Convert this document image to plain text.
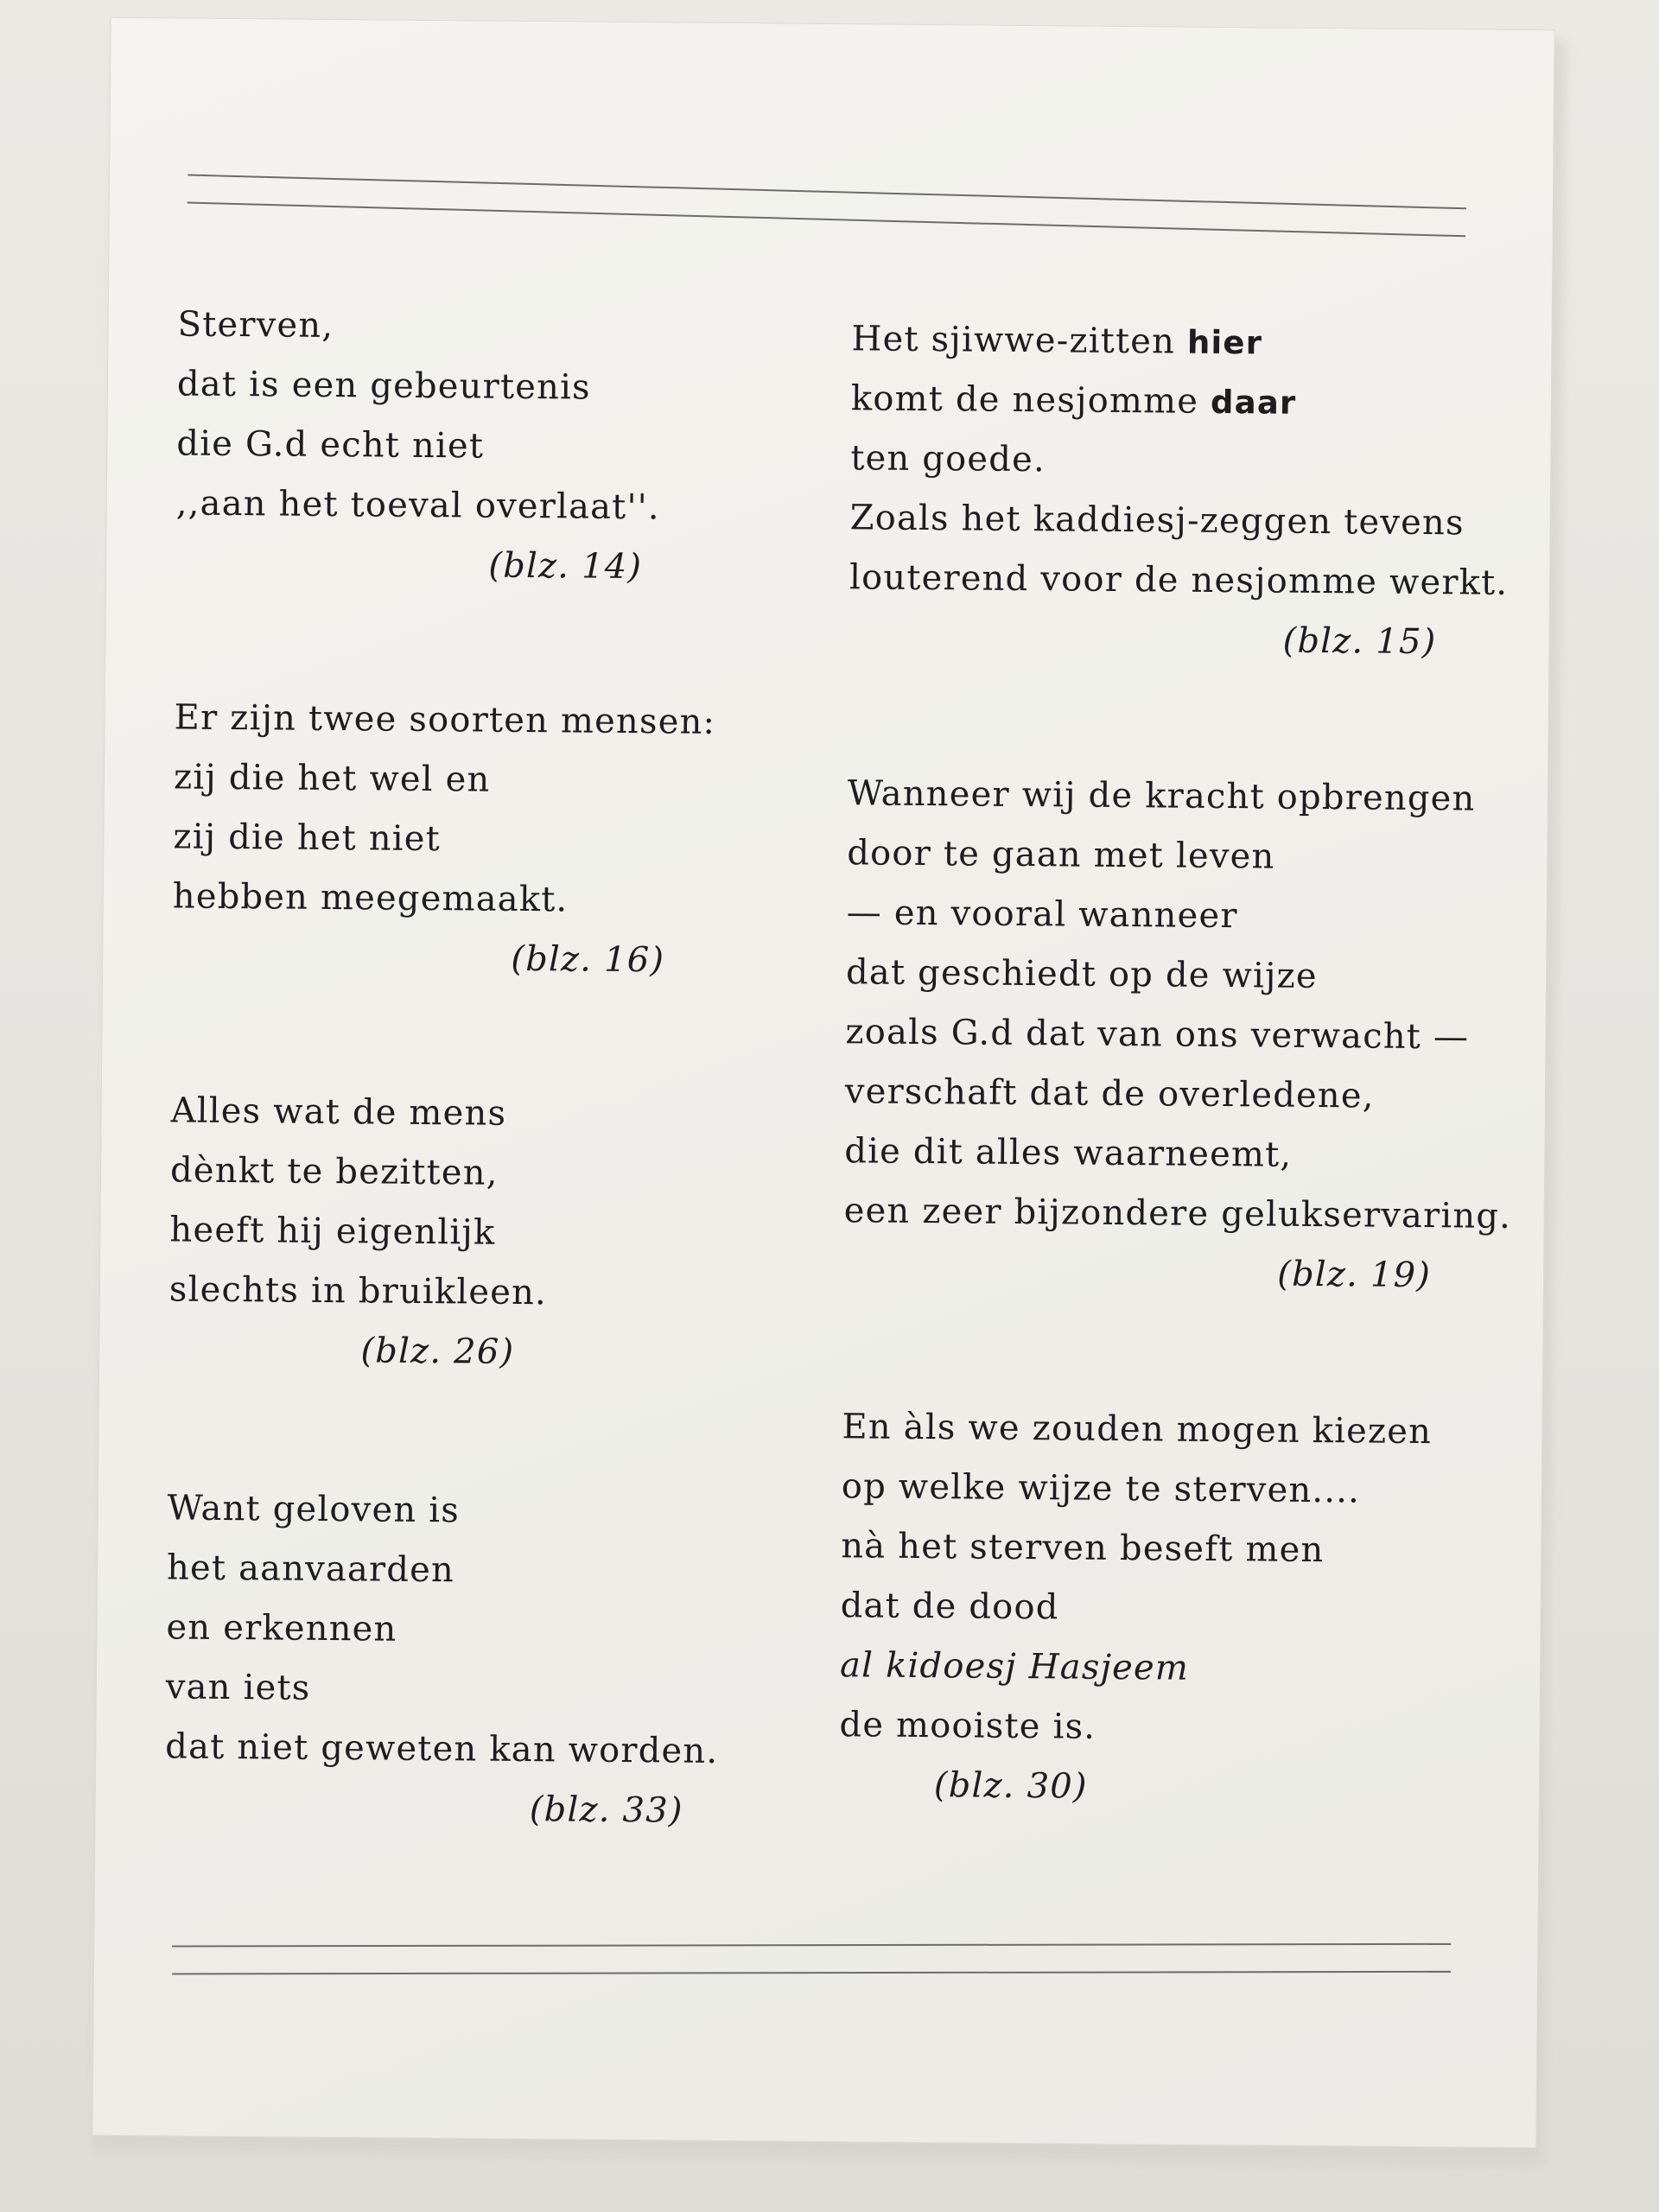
Sterven,
dat is een gebeurtenis
die G.d echt niet
,,aan het toeval overlaat''.
(blz. 14)
Er zijn twee soorten mensen:
zij die het wel en
zij die het niet
hebben meegemaakt.
(blz. 16)
Alles wat de mens
dènkt te bezitten,
heeft hij eigenlijk
slechts in bruikleen.
(blz. 26)
Want geloven is
het aanvaarden
en erkennen
van iets
dat niet geweten kan worden.
(blz. 33)
Het sjiwwe-zitten hier
komt de nesjomme daar
ten goede.
Zoals het kaddiesj-zeggen tevens
louterend voor de nesjomme werkt.
(blz. 15)
Wanneer wij de kracht opbrengen
door te gaan met leven
— en vooral wanneer
dat geschiedt op de wijze
zoals G.d dat van ons verwacht —
verschaft dat de overledene,
die dit alles waarneemt,
een zeer bijzondere gelukservaring.
(blz. 19)
En àls we zouden mogen kiezen
op welke wijze te sterven....
nà het sterven beseft men
dat de dood
al kidoesj Hasjeem
de mooiste is.
(blz. 30)
